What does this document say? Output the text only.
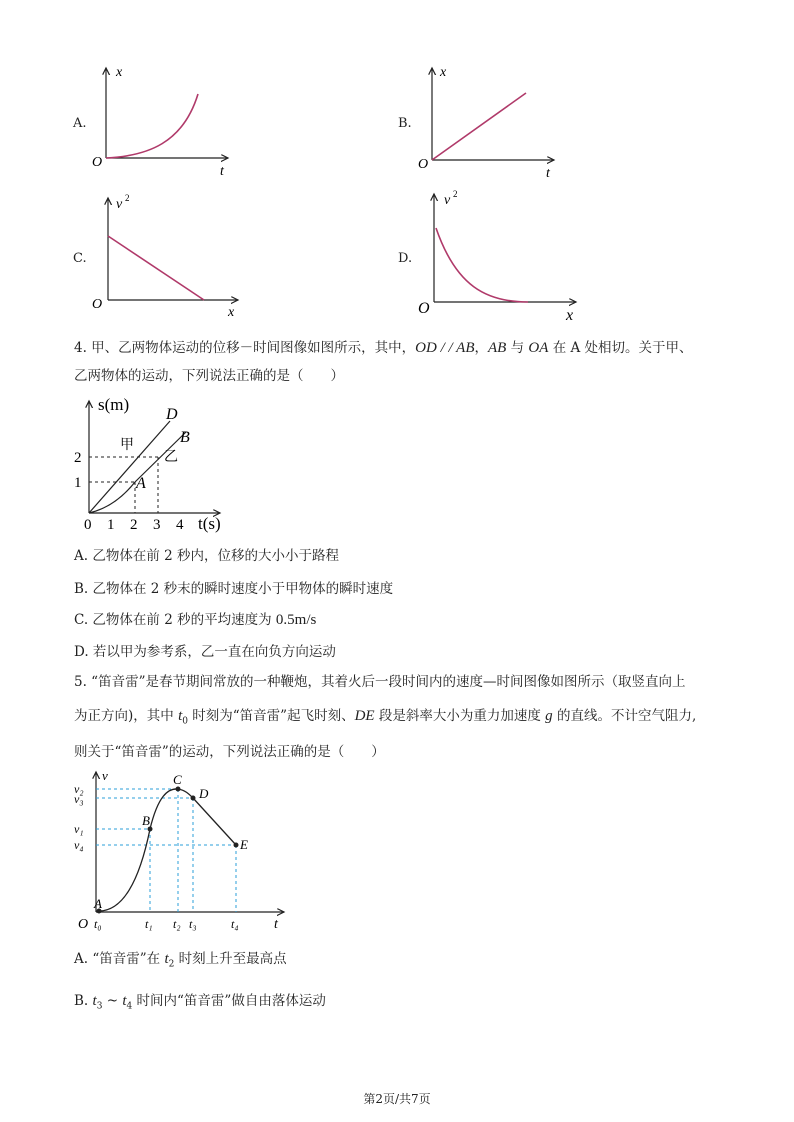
A.
x
t
O
B.
x
t
O
C.
v 2
x
O
D.
v 2
x
O
4. 甲、乙两物体运动的位移－时间图像如图所示，其中，OD / / AB，AB 与 OA 在 A 处相切。关于甲、
乙两物体的运动，下列说法正确的是（　　）
s(m)
t(s)
D
B
A
甲
乙
1
2
0 1 2 3 4
A. 乙物体在前 2 秒内，位移的大小小于路程
B. 乙物体在 2 秒末的瞬时速度小于甲物体的瞬时速度
C. 乙物体在前 2 秒的平均速度为 0.5m/s
D. 若以甲为参考系，乙一直在向负方向运动
5. “笛音雷”是春节期间常放的一种鞭炮，其着火后一段时间内的速度—时间图像如图所示（取竖直向上
为正方向)，其中 $t_0$ 时刻为“笛音雷”起飞时刻、DE 段是斜率大小为重力加速度 g 的直线。不计空气阻力,
则关于“笛音雷”的运动，下列说法正确的是（　　）
v
t
O
A
B
C
D
E
v₂
v₃
v₁
v₄
t₀	t₁ t₂ t₃	t₄
A. “笛音雷”在 $t_2$ 时刻上升至最高点
B. $t_3$ ~ $t_4$ 时间内“笛音雷”做自由落体运动
第2页/共7页
